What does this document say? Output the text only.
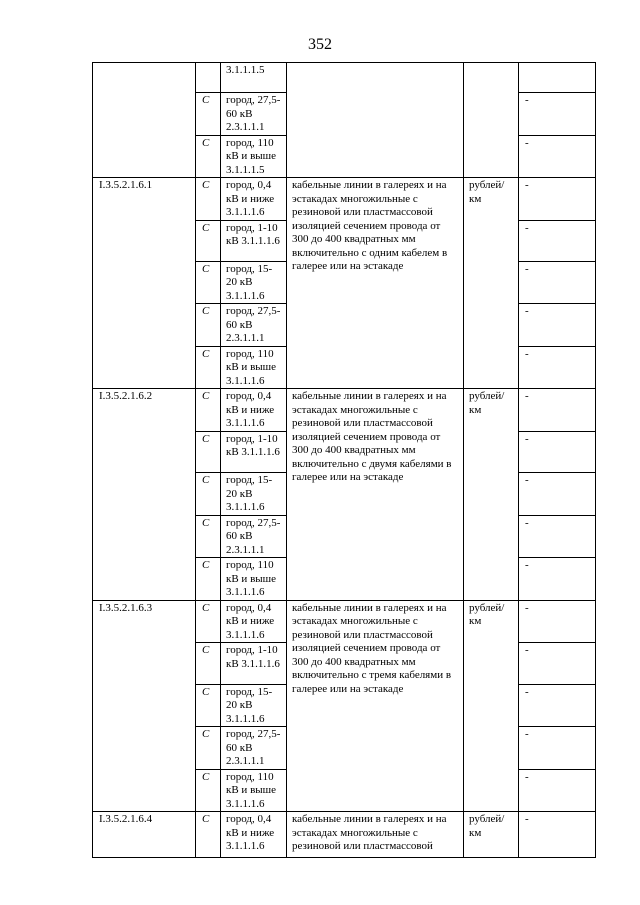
352
		3.1.1.1.5			
	С	город, 27,5-60 кВ 2.3.1.1.1			-
	С	город, 110 кВ и выше 3.1.1.1.5			-
I.3.5.2.1.6.1	С	город, 0,4 кВ и ниже 3.1.1.1.6	кабельные линии в галереях и на эстакадах многожильные с резиновой или пластмассовой изоляцией сечением провода от 300 до 400 квадратных мм включительно с одним кабелем в галерее или на эстакаде	рублей/ км	-
	С	город, 1-10 кВ 3.1.1.1.6			-
	С	город, 15-20 кВ 3.1.1.1.6			-
	С	город, 27,5-60 кВ 2.3.1.1.1			-
	С	город, 110 кВ и выше 3.1.1.1.6			-
I.3.5.2.1.6.2	С	город, 0,4 кВ и ниже 3.1.1.1.6	кабельные линии в галереях и на эстакадах многожильные с резиновой или пластмассовой изоляцией сечением провода от 300 до 400 квадратных мм включительно с двумя кабелями в галерее или на эстакаде	рублей/ км	-
	С	город, 1-10 кВ 3.1.1.1.6			-
	С	город, 15-20 кВ 3.1.1.1.6			-
	С	город, 27,5-60 кВ 2.3.1.1.1			-
	С	город, 110 кВ и выше 3.1.1.1.6			-
I.3.5.2.1.6.3	С	город, 0,4 кВ и ниже 3.1.1.1.6	кабельные линии в галереях и на эстакадах многожильные с резиновой или пластмассовой изоляцией сечением провода от 300 до 400 квадратных мм включительно с тремя кабелями в галерее или на эстакаде	рублей/ км	-
	С	город, 1-10 кВ 3.1.1.1.6			-
	С	город, 15-20 кВ 3.1.1.1.6			-
	С	город, 27,5-60 кВ 2.3.1.1.1			-
	С	город, 110 кВ и выше 3.1.1.1.6			-
I.3.5.2.1.6.4	С	город, 0,4 кВ и ниже 3.1.1.1.6	кабельные линии в галереях и на эстакадах многожильные с резиновой или пластмассовой	рублей/ км	-
